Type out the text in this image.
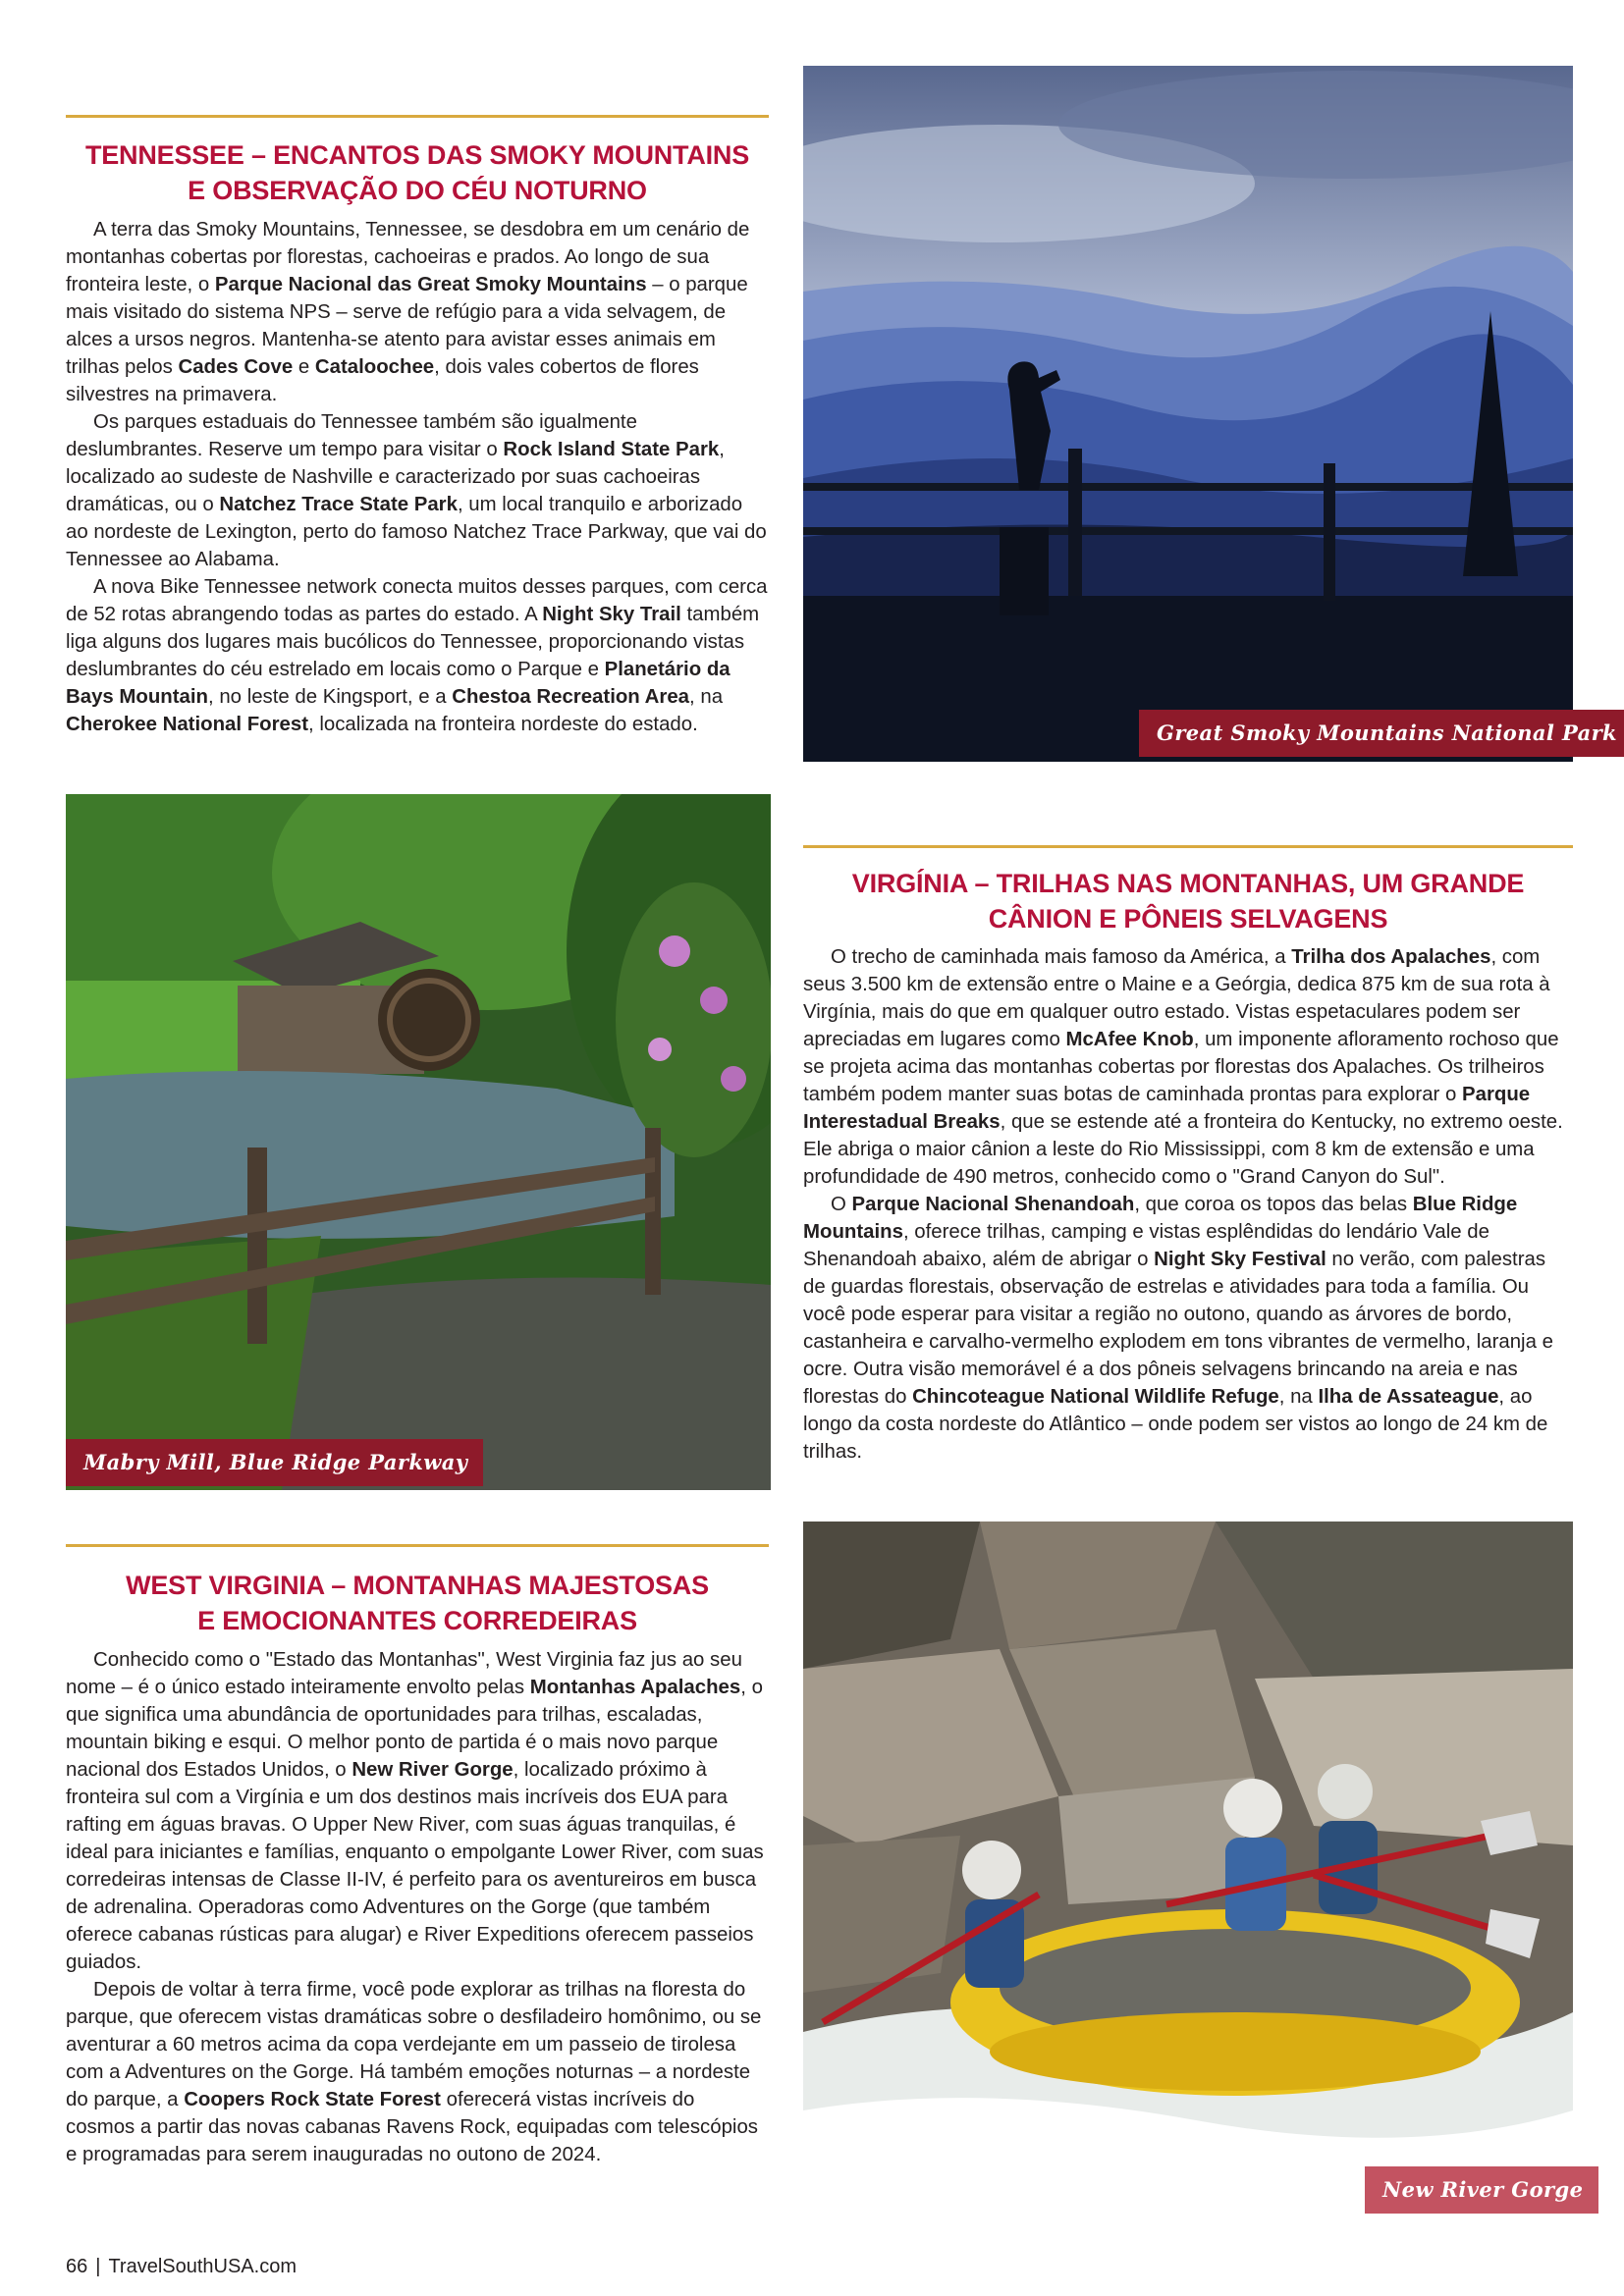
TENNESSEE – ENCANTOS DAS SMOKY MOUNTAINS
E OBSERVAÇÃO DO CÉU NOTURNO

A terra das Smoky Mountains, Tennessee, se desdobra em um cenário de montanhas cobertas por florestas, cachoeiras e prados. Ao longo de sua fronteira leste, o Parque Nacional das Great Smoky Mountains – o parque mais visitado do sistema NPS – serve de refúgio para a vida selvagem, de alces a ursos negros. Mantenha-se atento para avistar esses animais em trilhas pelos Cades Cove e Cataloochee, dois vales cobertos de flores silvestres na primavera.

Os parques estaduais do Tennessee também são igualmente deslumbrantes. Reserve um tempo para visitar o Rock Island State Park, localizado ao sudeste de Nashville e caracterizado por suas cachoeiras dramáticas, ou o Natchez Trace State Park, um local tranquilo e arborizado ao nordeste de Lexington, perto do famoso Natchez Trace Parkway, que vai do Tennessee ao Alabama.

A nova Bike Tennessee network conecta muitos desses parques, com cerca de 52 rotas abrangendo todas as partes do estado. A Night Sky Trail também liga alguns dos lugares mais bucólicos do Tennessee, proporcionando vistas deslumbrantes do céu estrelado em locais como o Parque e Planetário da Bays Mountain, no leste de Kingsport, e a Chestoa Recreation Area, na Cherokee National Forest, localizada na fronteira nordeste do estado.	Great Smoky Mountains National Park
Mabry Mill, Blue Ridge Parkway
VIRGÍNIA – TRILHAS NAS MONTANHAS, UM GRANDE
CÂNION E PÔNEIS SELVAGENS

O trecho de caminhada mais famoso da América, a Trilha dos Apalaches, com seus 3.500 km de extensão entre o Maine e a Geórgia, dedica 875 km de sua rota à Virgínia, mais do que em qualquer outro estado. Vistas espetaculares podem ser apreciadas em lugares como McAfee Knob, um imponente afloramento rochoso que se projeta acima das montanhas cobertas por florestas dos Apalaches. Os trilheiros também podem manter suas botas de caminhada prontas para explorar o Parque Interestadual Breaks, que se estende até a fronteira do Kentucky, no extremo oeste. Ele abriga o maior cânion a leste do Rio Mississippi, com 8 km de extensão e uma profundidade de 490 metros, conhecido como o "Grand Canyon do Sul".

O Parque Nacional Shenandoah, que coroa os topos das belas Blue Ridge Mountains, oferece trilhas, camping e vistas esplêndidas do lendário Vale de Shenandoah abaixo, além de abrigar o Night Sky Festival no verão, com palestras de guardas florestais, observação de estrelas e atividades para toda a família. Ou você pode esperar para visitar a região no outono, quando as árvores de bordo, castanheira e carvalho-vermelho explodem em tons vibrantes de vermelho, laranja e ocre. Outra visão memorável é a dos pôneis selvagens brincando na areia e nas florestas do Chincoteague National Wildlife Refuge, na Ilha de Assateague, ao longo da costa nordeste do Atlântico – onde podem ser vistos ao longo de 24 km de trilhas.

WEST VIRGINIA – MONTANHAS MAJESTOSAS
E EMOCIONANTES CORREDEIRAS

Conhecido como o "Estado das Montanhas", West Virginia faz jus ao seu nome – é o único estado inteiramente envolto pelas Montanhas Apalaches, o que significa uma abundância de oportunidades para trilhas, escaladas, mountain biking e esqui. O melhor ponto de partida é o mais novo parque nacional dos Estados Unidos, o New River Gorge, localizado próximo à fronteira sul com a Virgínia e um dos destinos mais incríveis dos EUA para rafting em águas bravas. O Upper New River, com suas águas tranquilas, é ideal para iniciantes e famílias, enquanto o empolgante Lower River, com suas corredeiras intensas de Classe II-IV, é perfeito para os aventureiros em busca de adrenalina. Operadoras como Adventures on the Gorge (que também oferece cabanas rústicas para alugar) e River Expeditions oferecem passeios guiados.

Depois de voltar à terra firme, você pode explorar as trilhas na floresta do parque, que oferecem vistas dramáticas sobre o desfiladeiro homônimo, ou se aventurar a 60 metros acima da copa verdejante em um passeio de tirolesa com a Adventures on the Gorge. Há também emoções noturnas – a nordeste do parque, a Coopers Rock State Forest oferecerá vistas incríveis do cosmos a partir das novas cabanas Ravens Rock, equipadas com telescópios e programadas para serem inauguradas no outono de 2024.

New River Gorge
66 | TravelSouthUSA.com
